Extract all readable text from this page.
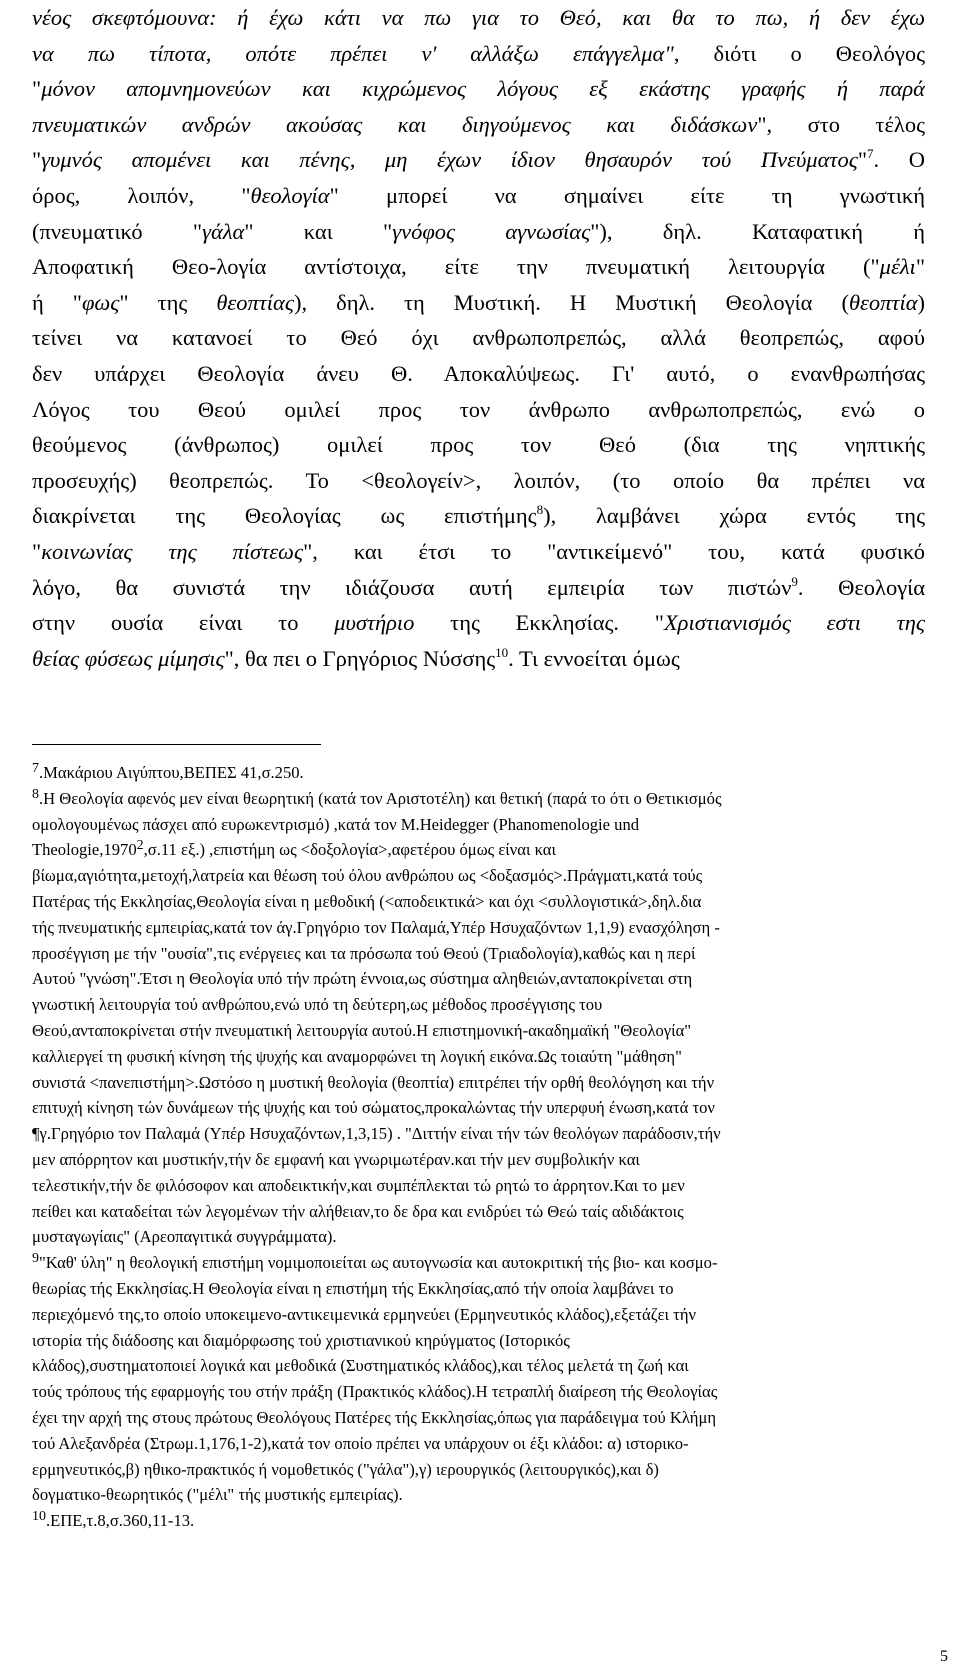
νέος σκεφτόμουνα: ή έχω κάτι να πω για το Θεό, και θα το πω, ή δεν έχω
να πω τίποτα, οπότε πρέπει ν' αλλάξω επάγγελμα", διότι ο Θεολόγος
"μόνον απομνημονεύων και κιχρώμενος λόγους εξ εκάστης γραφής ή παρά
πνευματικών ανδρών ακούσας και διηγούμενος και διδάσκων", στο τέλος
"γυμνός απομένει και πένης, μη έχων ίδιον θησαυρόν τού Πνεύματος"$^7$. Ο
όρος, λοιπόν, "θεολογία" μπορεί να σημαίνει είτε τη γνωστική
(πνευματικό "γάλα" και "γνόφος αγνωσίας"), δηλ. Καταφατική ή
Αποφατική Θεο-λογία αντίστοιχα, είτε την πνευματική λειτουργία ("μέλι"
ή "φως" της θεοπτίας), δηλ. τη Μυστική. Η Μυστική Θεολογία (θεοπτία)
τείνει να κατανοεί το Θεό όχι ανθρωποπρεπώς, αλλά θεοπρεπώς, αφού
δεν υπάρχει Θεολογία άνευ Θ. Αποκαλύψεως. Γι' αυτό, ο ενανθρωπήσας
Λόγος του Θεού ομιλεί προς τον άνθρωπο ανθρωποπρεπώς, ενώ ο
θεούμενος (άνθρωπος) ομιλεί προς τον Θεό (δια της νηπτικής
προσευχής) θεοπρεπώς. Το <θεολογείν>, λοιπόν, (το οποίο θα πρέπει να
διακρίνεται της Θεολογίας ως επιστήμης$^8$), λαμβάνει χώρα εντός της
"κοινωνίας της πίστεως", και έτσι το "αντικείμενό" του, κατά φυσικό
λόγο, θα συνιστά την ιδιάζουσα αυτή εμπειρία των πιστών$^9$. Θεολογία
στην ουσία είναι το μυστήριο της Εκκλησίας. "Χριστιανισμός εστι της
θείας φύσεως μίμησις", θα πει ο Γρηγόριος Νύσσης$^{10}$. Τι εννοείται όμως
$^7$.Μακάριου Αιγύπτου,ΒΕΠΕΣ 41,σ.250.
$^8$.Η Θεολογία αφενός μεν είναι θεωρητική (κατά τον Αριστοτέλη) και θετική (παρά το ότι ο Θετικισμός
ομολογουμένως πάσχει από ευρωκεντρισμό) ,κατά τον M.Heidegger (Phanomenologie und
Theologie,1970$^2$,σ.11 εξ.) ,επιστήμη ως <δοξολογία>,αφετέρου όμως είναι και
βίωμα,αγιότητα,μετοχή,λατρεία και θέωση τού όλου ανθρώπου ως <δοξασμός>.Πράγματι,κατά τούς
Πατέρας τής Εκκλησίας,Θεολογία είναι η μεθοδική (<αποδεικτικά> και όχι <συλλογιστικά>,δηλ.δια
τής πνευματικής εμπειρίας,κατά τον άγ.Γρηγόριο τον Παλαμά,Υπέρ Ησυχαζόντων 1,1,9) ενασχόληση -
προσέγγιση με τήν "ουσία",τις ενέργειες και τα πρόσωπα τού Θεού (Τριαδολογία),καθώς και η περί
Αυτού "γνώση".Έτσι η Θεολογία υπό τήν πρώτη έννοια,ως σύστημα αληθειών,ανταποκρίνεται στη
γνωστική λειτουργία τού ανθρώπου,ενώ υπό τη δεύτερη,ως μέθοδος προσέγγισης του
Θεού,ανταποκρίνεται στήν πνευματική λειτουργία αυτού.Η επιστημονική-ακαδημαϊκή "Θεολογία"
καλλιεργεί τη φυσική κίνηση τής ψυχής και αναμορφώνει τη λογική εικόνα.Ως τοιαύτη "μάθηση"
συνιστά <πανεπιστήμη>.Ωστόσο η μυστική θεολογία (θεοπτία) επιτρέπει τήν ορθή θεολόγηση και τήν
επιτυχή κίνηση τών δυνάμεων τής ψυχής και τού σώματος,προκαλώντας τήν υπερφυή ένωση,κατά τον
¶γ.Γρηγόριο τον Παλαμά (Υπέρ Ησυχαζόντων,1,3,15) . "Διττήν είναι τήν τών θεολόγων παράδοσιν,τήν
μεν απόρρητον και μυστικήν,τήν δε εμφανή και γνωριμωτέραν.και τήν μεν συμβολικήν και
τελεστικήν,τήν δε φιλόσοφον και αποδεικτικήν,και συμπέπλεκται τώ ρητώ το άρρητον.Και το μεν
πείθει και καταδείται τών λεγομένων τήν αλήθειαν,το δε δρα και ενιδρύει τώ Θεώ ταίς αδιδάκτοις
μυσταγωγίαις" (Αρεοπαγιτικά συγγράμματα).
$^9$"Καθ' ύλη" η θεολογική επιστήμη νομιμοποιείται ως αυτογνωσία και αυτοκριτική τής βιο- και κοσμο-
θεωρίας τής Εκκλησίας.Η Θεολογία είναι η επιστήμη τής Εκκλησίας,από τήν οποία λαμβάνει το
περιεχόμενό της,το οποίο υποκειμενο-αντικειμενικά ερμηνεύει (Ερμηνευτικός κλάδος),εξετάζει τήν
ιστορία τής διάδοσης και διαμόρφωσης τού χριστιανικού κηρύγματος (Ιστορικός
κλάδος),συστηματοποιεί λογικά και μεθοδικά (Συστηματικός κλάδος),και τέλος μελετά τη ζωή και
τούς τρόπους τής εφαρμογής του στήν πράξη (Πρακτικός κλάδος).Η τετραπλή διαίρεση τής Θεολογίας
έχει την αρχή της στους πρώτους Θεολόγους Πατέρες τής Εκκλησίας,όπως για παράδειγμα τού Κλήμη
τού Αλεξανδρέα (Στρωμ.1,176,1-2),κατά τον οποίο πρέπει να υπάρχουν οι έξι κλάδοι: α) ιστορικο-
ερμηνευτικός,β) ηθικο-πρακτικός ή νομοθετικός ("γάλα"),γ) ιερουργικός (λειτουργικός),και δ)
δογματικο-θεωρητικός ("μέλι" τής μυστικής εμπειρίας).
$^{10}$.ΕΠΕ,τ.8,σ.360,11-13.
5
